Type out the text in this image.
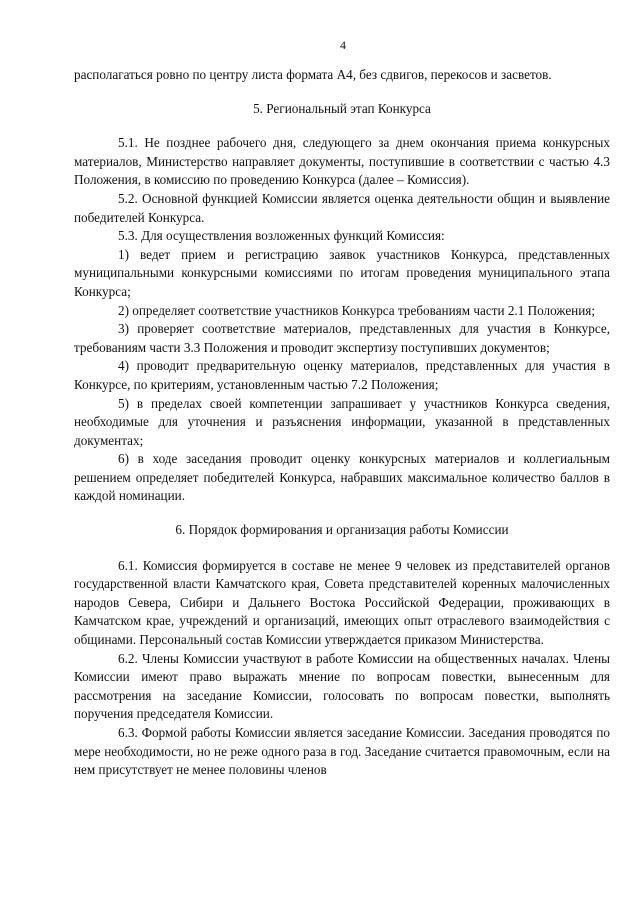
4

располагаться ровно по центру листа формата А4, без сдвигов, перекосов и засветов.

5. Региональный этап Конкурса

5.1. Не позднее рабочего дня, следующего за днем окончания приема конкурсных материалов, Министерство направляет документы, поступившие в соответствии с частью 4.3 Положения, в комиссию по проведению Конкурса (далее – Комиссия).

5.2. Основной функцией Комиссии является оценка деятельности общин и выявление победителей Конкурса.

5.3. Для осуществления возложенных функций Комиссия:

1) ведет прием и регистрацию заявок участников Конкурса, представленных муниципальными конкурсными комиссиями по итогам проведения муниципального этапа Конкурса;

2) определяет соответствие участников Конкурса требованиям части 2.1 Положения;

3) проверяет соответствие материалов, представленных для участия в Конкурсе, требованиям части 3.3 Положения и проводит экспертизу поступивших документов;

4) проводит предварительную оценку материалов, представленных для участия в Конкурсе, по критериям, установленным частью 7.2 Положения;

5) в пределах своей компетенции запрашивает у участников Конкурса сведения, необходимые для уточнения и разъяснения информации, указанной в представленных документах;

6) в ходе заседания проводит оценку конкурсных материалов и коллегиальным решением определяет победителей Конкурса, набравших максимальное количество баллов в каждой номинации.

6. Порядок формирования и организация работы Комиссии

6.1. Комиссия формируется в составе не менее 9 человек из представителей органов государственной власти Камчатского края, Совета представителей коренных малочисленных народов Севера, Сибири и Дальнего Востока Российской Федерации, проживающих в Камчатском крае, учреждений и организаций, имеющих опыт отраслевого взаимодействия с общинами. Персональный состав Комиссии утверждается приказом Министерства.

6.2. Члены Комиссии участвуют в работе Комиссии на общественных началах. Члены Комиссии имеют право выражать мнение по вопросам повестки, вынесенным для рассмотрения на заседание Комиссии, голосовать по вопросам повестки, выполнять поручения председателя Комиссии.

6.3. Формой работы Комиссии является заседание Комиссии. Заседания проводятся по мере необходимости, но не реже одного раза в год. Заседание считается правомочным, если на нем присутствует не менее половины членов
